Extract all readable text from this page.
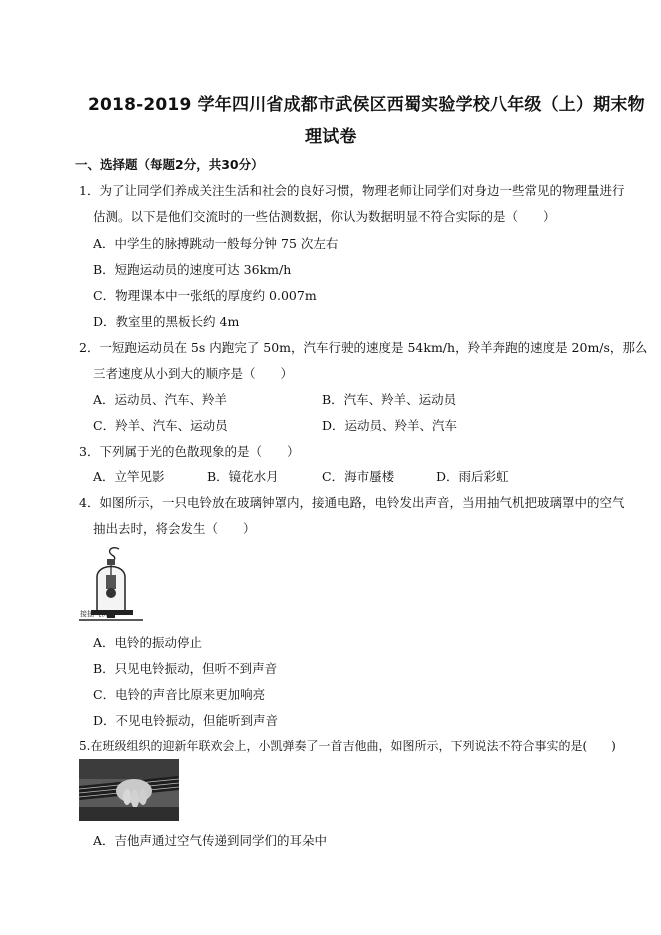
2018-2019 学年四川省成都市武侯区西蜀实验学校八年级（上）期末物
理试卷
一、选择题（每题2分，共30分）
1．为了让同学们养成关注生活和社会的良好习惯，物理老师让同学们对身边一些常见的物理量进行
估测。以下是他们交流时的一些估测数据，你认为数据明显不符合实际的是（　　）
A．中学生的脉搏跳动一般每分钟 75 次左右
B．短跑运动员的速度可达 36km/h
C．物理课本中一张纸的厚度约 0.007m
D．教室里的黑板长约 4m
2．一短跑运动员在 5s 内跑完了 50m，汽车行驶的速度是 54km/h，羚羊奔跑的速度是 20m/s，那么
三者速度从小到大的顺序是（　　）
A．运动员、汽车、羚羊	B．汽车、羚羊、运动员
C．羚羊、汽车、运动员	D．运动员、羚羊、汽车
3．下列属于光的色散现象的是（　　）
A．立竿见影	B．镜花水月	C．海市蜃楼	D．雨后彩虹
4．如图所示，一只电铃放在玻璃钟罩内，接通电路，电铃发出声音，当用抽气机把玻璃罩中的空气
抽出去时，将会发生（　　）
接抽气机
A．电铃的振动停止
B．只见电铃振动，但听不到声音
C．电铃的声音比原来更加响亮
D．不见电铃振动，但能听到声音
5.在班级组织的迎新年联欢会上，小凯弹奏了一首吉他曲，如图所示，下列说法不符合事实的是(　　)
A．吉他声通过空气传递到同学们的耳朵中
